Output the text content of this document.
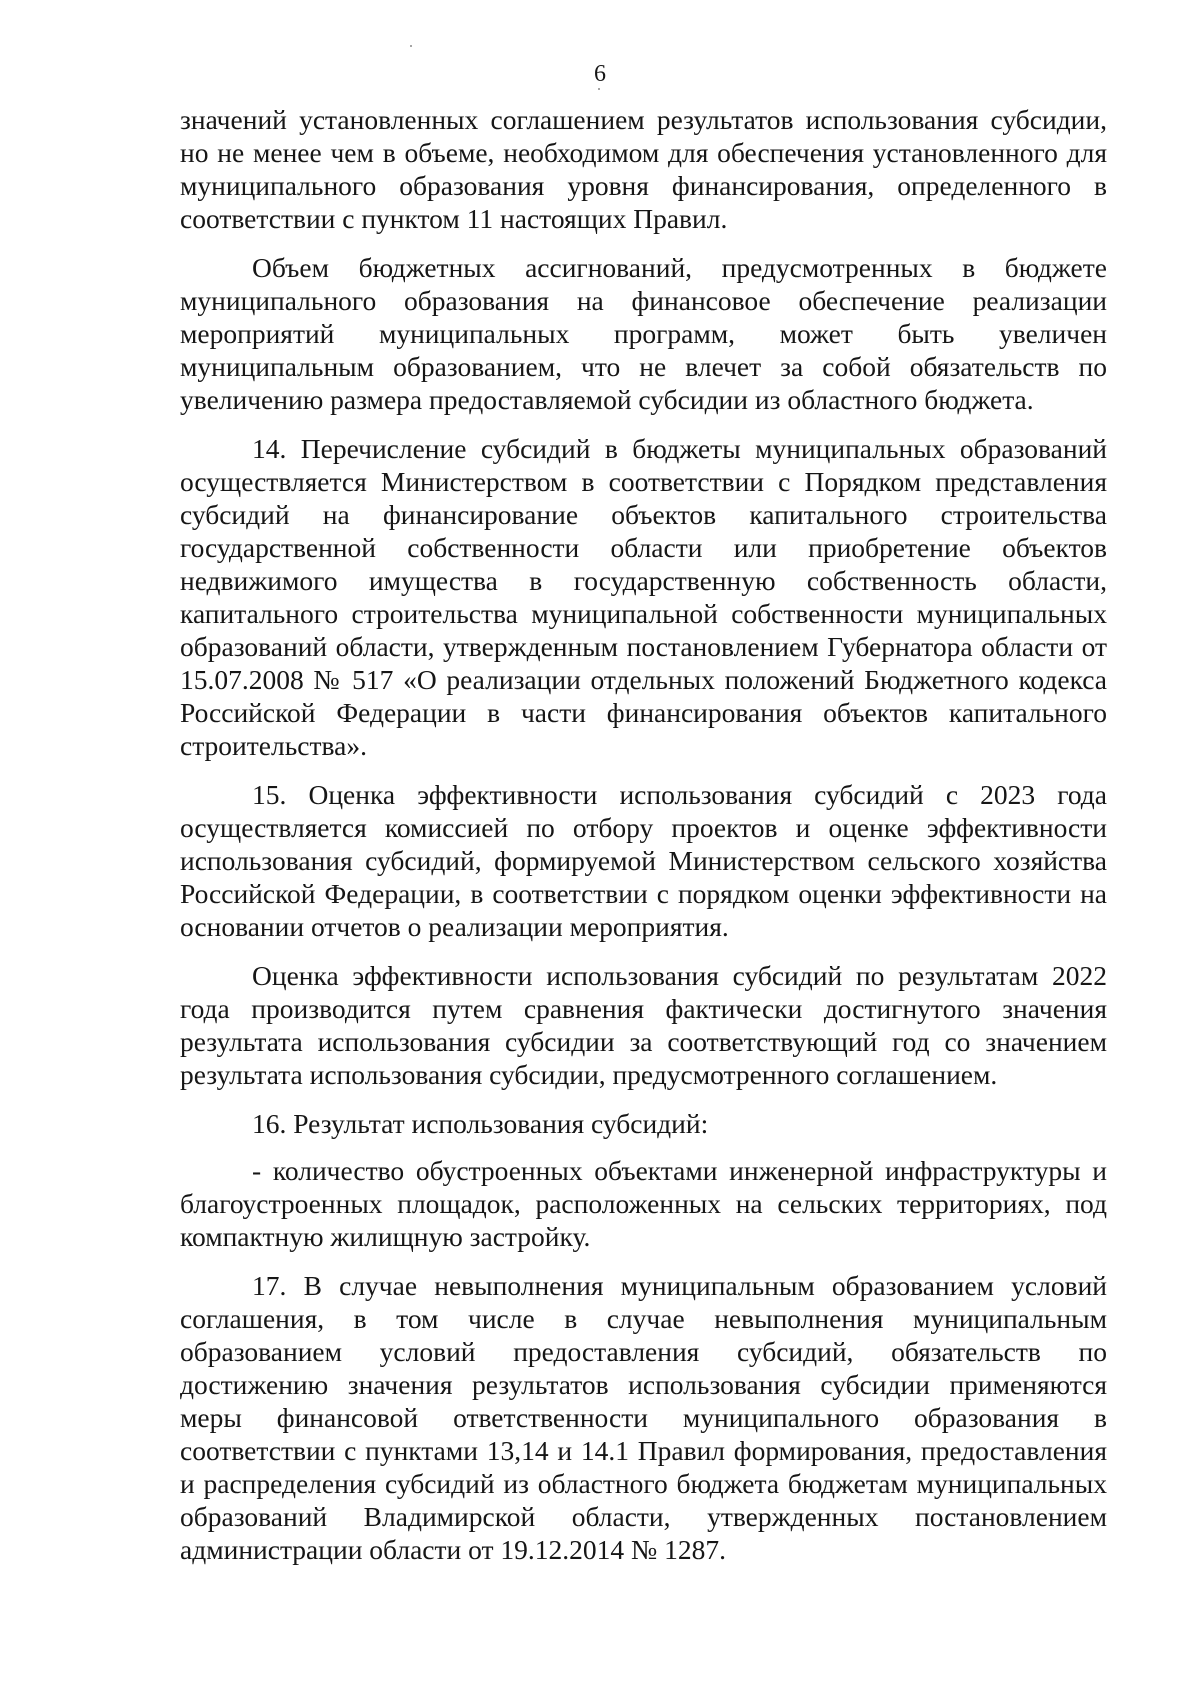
6

значений установленных соглашением результатов использования субсидии, но не менее чем в объеме, необходимом для обеспечения установленного для муниципального образования уровня финансирования, определенного в соответствии с пунктом 11 настоящих Правил.

Объем бюджетных ассигнований, предусмотренных в бюджете муниципального образования на финансовое обеспечение реализации мероприятий муниципальных программ, может быть увеличен муниципальным образованием, что не влечет за собой обязательств по увеличению размера предоставляемой субсидии из областного бюджета.

14. Перечисление субсидий в бюджеты муниципальных образований осуществляется Министерством в соответствии с Порядком представления субсидий на финансирование объектов капитального строительства государственной собственности области или приобретение объектов недвижимого имущества в государственную собственность области, капитального строительства муниципальной собственности муниципальных образований области, утвержденным постановлением Губернатора области от 15.07.2008 № 517 «О реализации отдельных положений Бюджетного кодекса Российской Федерации в части финансирования объектов капитального строительства».

15. Оценка эффективности использования субсидий с 2023 года осуществляется комиссией по отбору проектов и оценке эффективности использования субсидий, формируемой Министерством сельского хозяйства Российской Федерации, в соответствии с порядком оценки эффективности на основании отчетов о реализации мероприятия.

Оценка эффективности использования субсидий по результатам 2022 года производится путем сравнения фактически достигнутого значения результата использования субсидии за соответствующий год со значением результата использования субсидии, предусмотренного соглашением.

16. Результат использования субсидий:

- количество обустроенных объектами инженерной инфраструктуры и благоустроенных площадок, расположенных на сельских территориях, под компактную жилищную застройку.

17. В случае невыполнения муниципальным образованием условий соглашения, в том числе в случае невыполнения муниципальным образованием условий предоставления субсидий, обязательств по достижению значения результатов использования субсидии применяются меры финансовой ответственности муниципального образования в соответствии с пунктами 13,14 и 14.1 Правил формирования, предоставления и распределения субсидий из областного бюджета бюджетам муниципальных образований Владимирской области, утвержденных постановлением администрации области от 19.12.2014 № 1287.
